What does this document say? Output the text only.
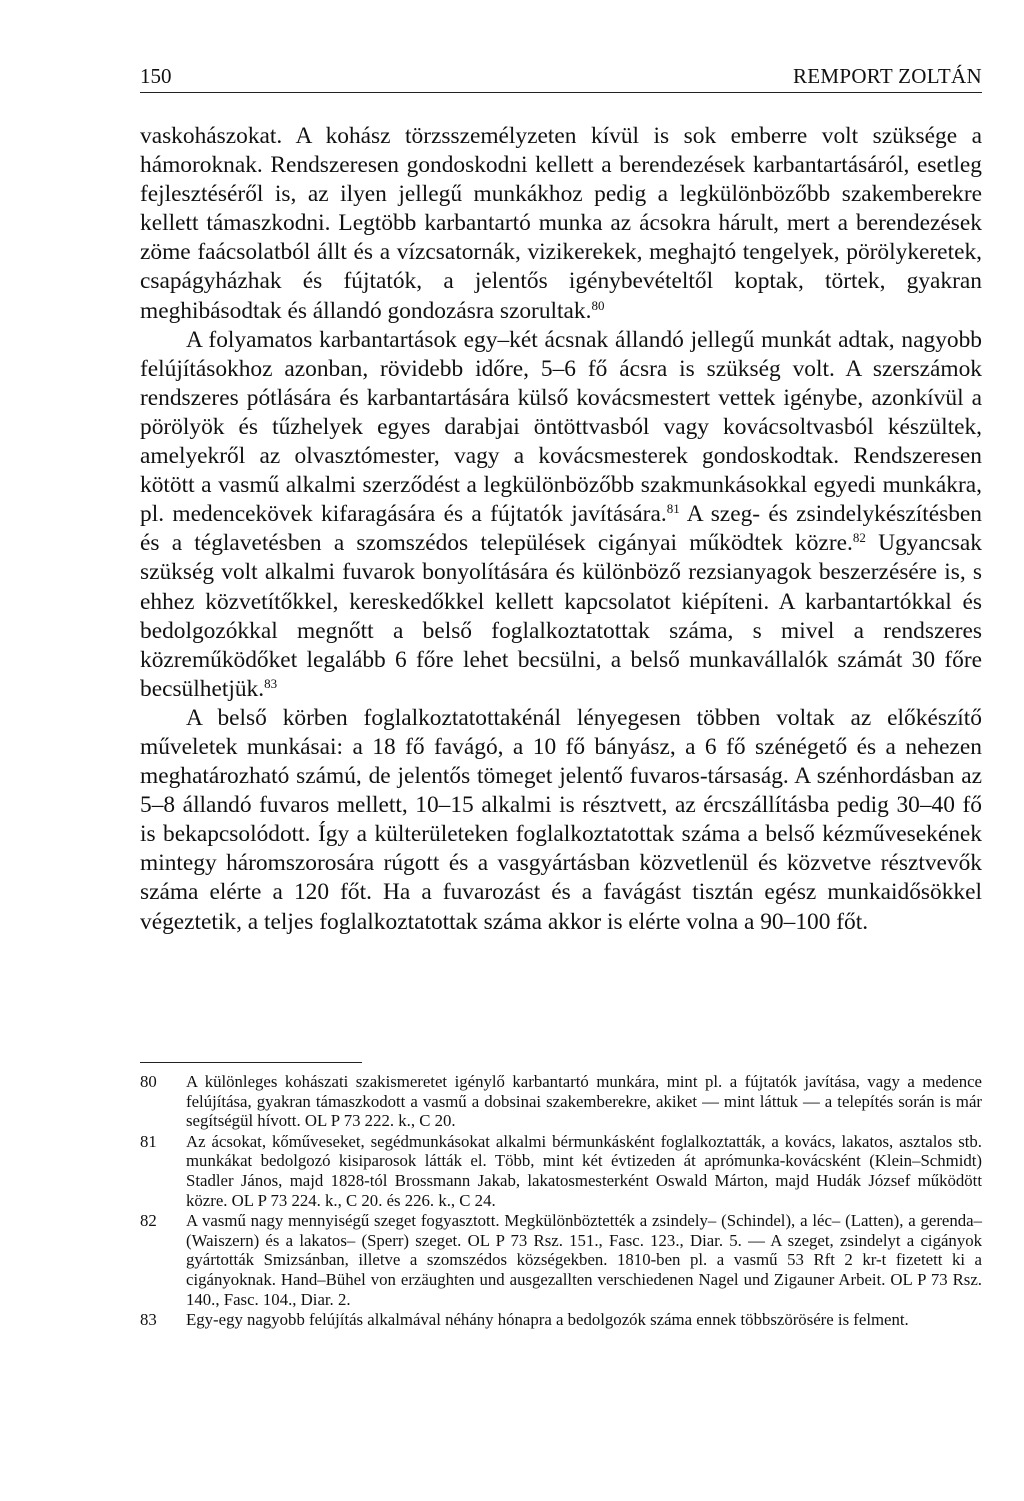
150	REMPORT ZOLTÁN

vaskohászokat. A kohász törzsszemélyzeten kívül is sok emberre volt szüksége a hámoroknak. Rendszeresen gondoskodni kellett a berendezések karbantartásáról, esetleg fejlesztéséről is, az ilyen jellegű munkákhoz pedig a legkülönbözőbb szakemberekre kellett támaszkodni. Legtöbb karbantartó munka az ácsokra hárult, mert a berendezések zöme faácsolatból állt és a vízcsatornák, vizikerekek, meghajtó tengelyek, pörölykeretek, csapágyházhak és fújtatók, a jelentős igénybevételtől koptak, törtek, gyakran meghibásodtak és állandó gondozásra szorultak.$^{80}$

A folyamatos karbantartások egy–két ácsnak állandó jellegű munkát adtak, nagyobb felújításokhoz azonban, rövidebb időre, 5–6 fő ácsra is szükség volt. A szerszámok rendszeres pótlására és karbantartására külső kovácsmestert vettek igénybe, azonkívül a pörölyök és tűzhelyek egyes darabjai öntöttvasból vagy kovácsoltvasból készültek, amelyekről az olvasztómester, vagy a kovácsmesterek gondoskodtak. Rendszeresen kötött a vasmű alkalmi szerződést a legkülönbözőbb szakmunkásokkal egyedi munkákra, pl. medencekövek kifaragására és a fújtatók javítására.$^{81}$ A szeg- és zsindelykészítésben és a téglavetésben a szomszédos települések cigányai működtek közre.$^{82}$ Ugyancsak szükség volt alkalmi fuvarok bonyolítására és különböző rezsianyagok beszerzésére is, s ehhez közvetítőkkel, kereskedőkkel kellett kapcsolatot kiépíteni. A karbantartókkal és bedolgozókkal megnőtt a belső foglalkoztatottak száma, s mivel a rendszeres közreműködőket legalább 6 főre lehet becsülni, a belső munkavállalók számát 30 főre becsülhetjük.$^{83}$

A belső körben foglalkoztatottakénál lényegesen többen voltak az előkészítő műveletek munkásai: a 18 fő favágó, a 10 fő bányász, a 6 fő szénégető és a nehezen meghatározható számú, de jelentős tömeget jelentő fuvaros-társaság. A szénhordásban az 5–8 állandó fuvaros mellett, 10–15 alkalmi is résztvett, az ércszállításba pedig 30–40 fő is bekapcsolódott. Így a külterületeken foglalkoztatottak száma a belső kézművesekének mintegy háromszorosára rúgott és a vasgyártásban közvetlenül és közvetve résztvevők száma elérte a 120 főt. Ha a fuvarozást és a favágást tisztán egész munkaidősökkel végeztetik, a teljes foglalkoztatottak száma akkor is elérte volna a 90–100 főt.

80	A különleges kohászati szakismeretet igénylő karbantartó munkára, mint pl. a fújtatók javítása, vagy a medence felújítása, gyakran támaszkodott a vasmű a dobsinai szakemberekre, akiket — mint láttuk — a telepítés során is már segítségül hívott. OL P 73 222. k., C 20.
81	Az ácsokat, kőműveseket, segédmunkásokat alkalmi bérmunkásként foglalkoztatták, a kovács, lakatos, asztalos stb. munkákat bedolgozó kisiparosok látták el. Több, mint két évtizeden át aprómunka-kovácsként (Klein–Schmidt) Stadler János, majd 1828-tól Brossmann Jakab, lakatosmesterként Oswald Márton, majd Hudák József működött közre. OL P 73 224. k., C 20. és 226. k., C 24.
82	A vasmű nagy mennyiségű szeget fogyasztott. Megkülönböztették a zsindely– (Schindel), a léc– (Latten), a gerenda– (Waiszern) és a lakatos– (Sperr) szeget. OL P 73 Rsz. 151., Fasc. 123., Diar. 5. — A szeget, zsindelyt a cigányok gyártották Smizsánban, illetve a szomszédos községekben. 1810-ben pl. a vasmű 53 Rft 2 kr-t fizetett ki a cigányoknak. Hand–Bühel von erzäughten und ausgezallten verschiedenen Nagel und Zigauner Arbeit. OL P 73 Rsz. 140., Fasc. 104., Diar. 2.
83	Egy-egy nagyobb felújítás alkalmával néhány hónapra a bedolgozók száma ennek többszörösére is felment.
